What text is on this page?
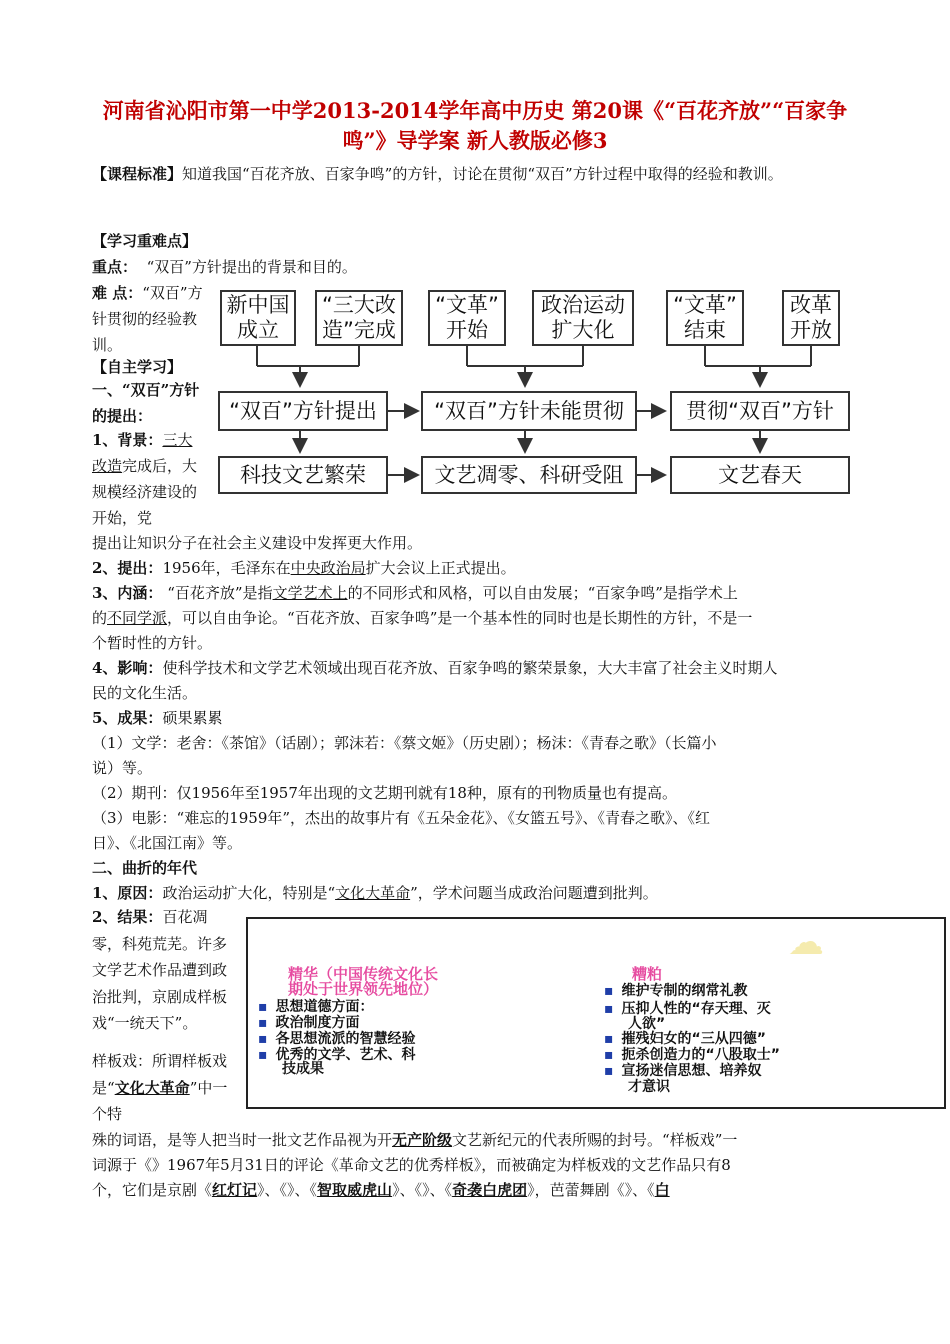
河南省沁阳市第一中学2013-2014学年高中历史 第20课《“百花齐放”“百家争鸣”》导学案 新人教版必修3
【课程标准】知道我国“百花齐放、百家争鸣”的方针，讨论在贯彻“双百”方针过程中取得的经验和教训。
【学习重难点】
重点： “双百”方针提出的背景和目的。
难 点：“双百”方针贯彻的经验教训。
【自主学习】
一、“双百”方针的提出：
1、背景：三大改造完成后，大规模经济建设的开始，党
新中国
成立
“三大改
造”完成
“文革”
开始
政治运动
扩大化
“文革”
结束
改革
开放
“双百”方针提出	“双百”方针未能贯彻	贯彻“双百”方针
科技文艺繁荣	文艺凋零、科研受阻	文艺春天
提出让知识分子在社会主义建设中发挥更大作用。
2、提出：1956年，毛泽东在中央政治局扩大会议上正式提出。
3、内涵： “百花齐放”是指文学艺术上的不同形式和风格，可以自由发展；“百家争鸣”是指学术上
的不同学派，可以自由争论。“百花齐放、百家争鸣”是一个基本性的同时也是长期性的方针，不是一
个暂时性的方针。
4、影响：使科学技术和文学艺术领域出现百花齐放、百家争鸣的繁荣景象，大大丰富了社会主义时期人
民的文化生活。
5、成果：硕果累累
（1）文学：老舍：《茶馆》（话剧）；郭沫若：《蔡文姬》（历史剧）；杨沫：《青春之歌》（长篇小
说）等。
（2）期刊：仅1956年至1957年出现的文艺期刊就有18种，原有的刊物质量也有提高。
（3）电影：“难忘的1959年”，杰出的故事片有《五朵金花》、《女篮五号》、《青春之歌》、《红
日》、《北国江南》等。
二、曲折的年代
1、原因：政治运动扩大化，特别是“文化大革命”，学术问题当成政治问题遭到批判。
2、结果：百花凋零，科苑荒芜。许多文学艺术作品遭到政治批判，京剧成样板戏“一统天下”。
样板戏：所谓样板戏是“文化大革命”中一个特
☁
精华（中国传统文化长
期处于世界领先地位）
糟粕
▪ 思想道德方面：
▪ 政治制度方面
▪ 各思想流派的智慧经验
▪ 优秀的文学、艺术、科
技成果
▪ 维护专制的纲常礼教
▪ 压抑人性的“存天理、灭
人欲”
▪ 摧残妇女的“三从四德”
▪ 扼杀创造力的“八股取士”
▪ 宣扬迷信思想、培养奴
才意识
殊的词语，是等人把当时一批文艺作品视为开无产阶级文艺新纪元的代表所赐的封号。“样板戏”一
词源于《》1967年5月31日的评论《革命文艺的优秀样板》，而被确定为样板戏的文艺作品只有8
个，它们是京剧《红灯记》、《》、《智取威虎山》、《》、《奇袭白虎团》，芭蕾舞剧《》、《白
